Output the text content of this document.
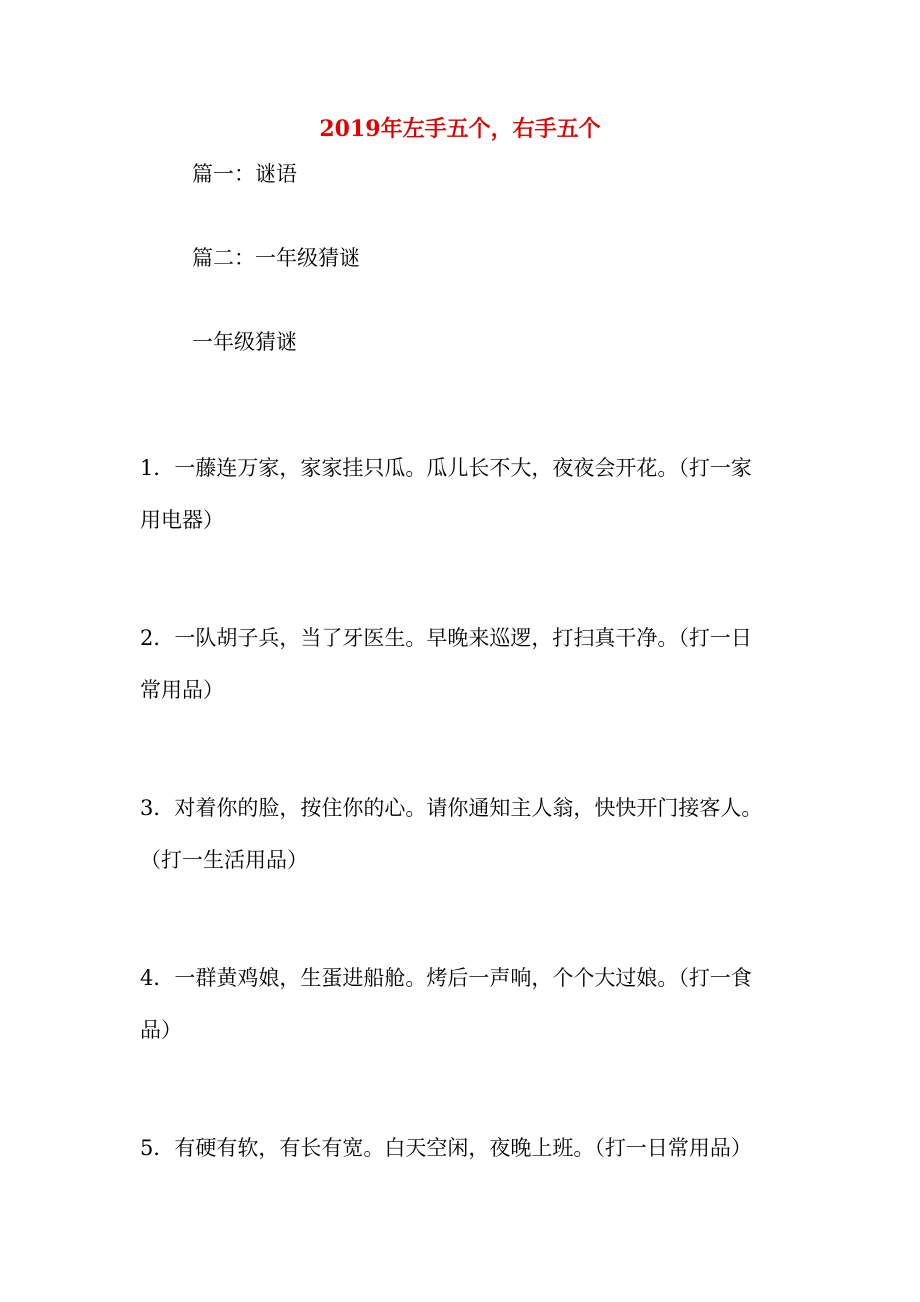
2019年左手五个，右手五个
篇一：谜语
篇二：一年级猜谜
一年级猜谜
1．一藤连万家，家家挂只瓜。瓜儿长不大，夜夜会开花。（打一家
用电器）
2．一队胡子兵，当了牙医生。早晚来巡逻，打扫真干净。（打一日
常用品）
3．对着你的脸，按住你的心。请你通知主人翁，快快开门接客人。
（打一生活用品）
4．一群黄鸡娘，生蛋进船舱。烤后一声响，个个大过娘。（打一食
品）
5．有硬有软，有长有宽。白天空闲，夜晚上班。（打一日常用品）
